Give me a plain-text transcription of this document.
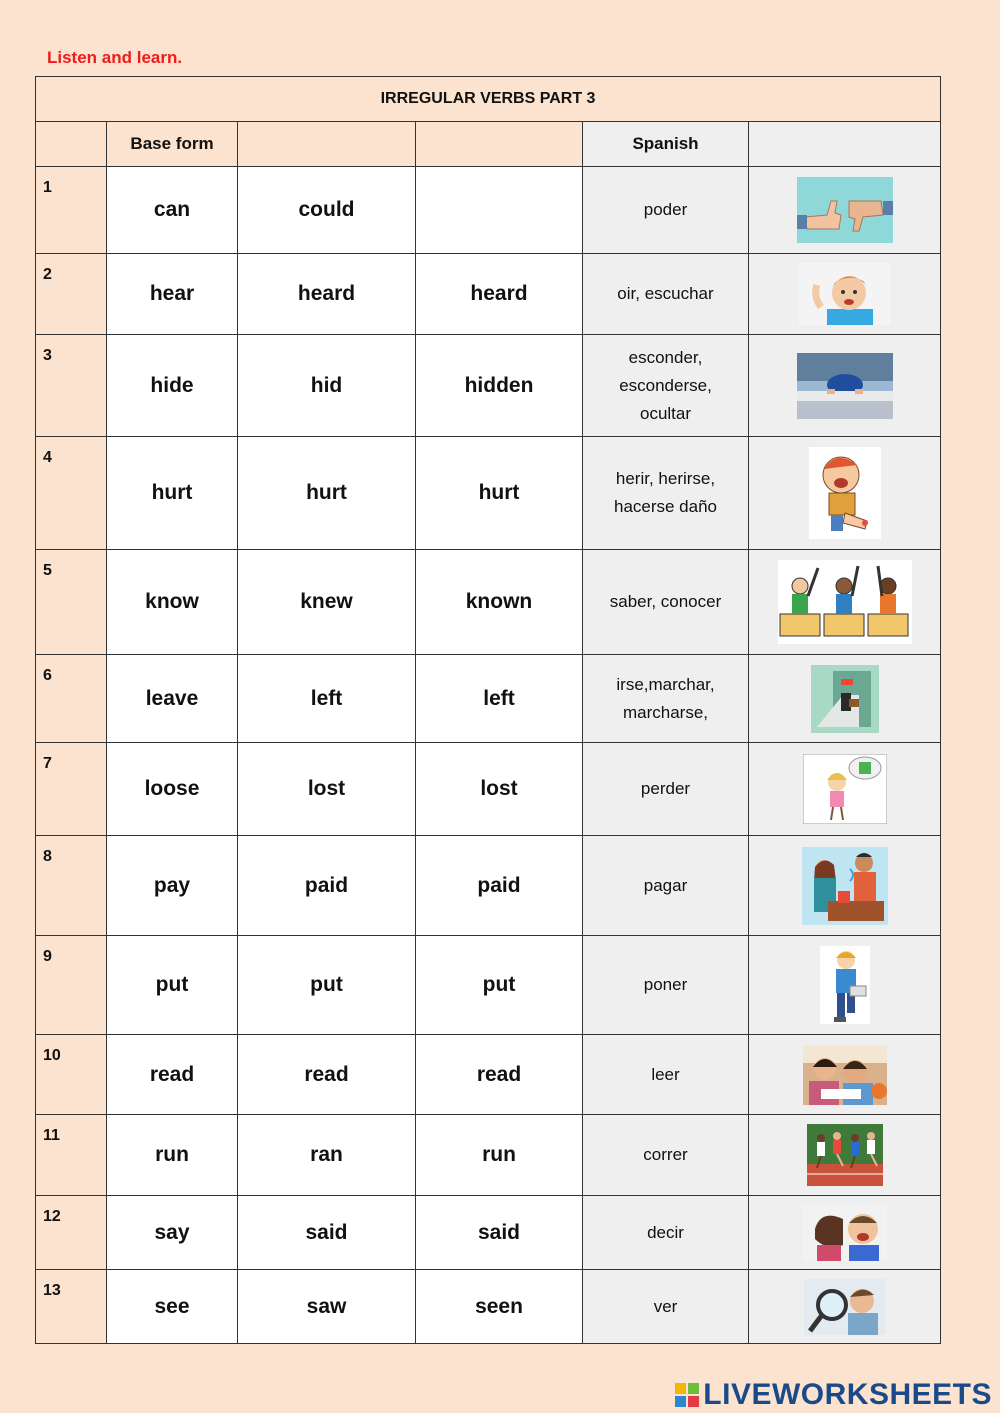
Listen and learn.
IRREGULAR VERBS PART 3					
	Base form			Spanish	

1	can	could		poder	

2	hear	heard	heard	oir, escuchar	

3	hide	hid	hidden	esconder, esconderse, ocultar	

4	hurt	hurt	hurt	herir, herirse, hacerse daño	

5	know	knew	known	saber, conocer	

6	leave	left	left	irse,marchar, marcharse,	

7	loose	lost	lost	perder	

8	pay	paid	paid	pagar	

9	put	put	put	poner	

10	read	read	read	leer	

11	run	ran	run	correr	

12	say	said	said	decir	

13	see	saw	seen	ver	
LIVEWORKSHEETS
